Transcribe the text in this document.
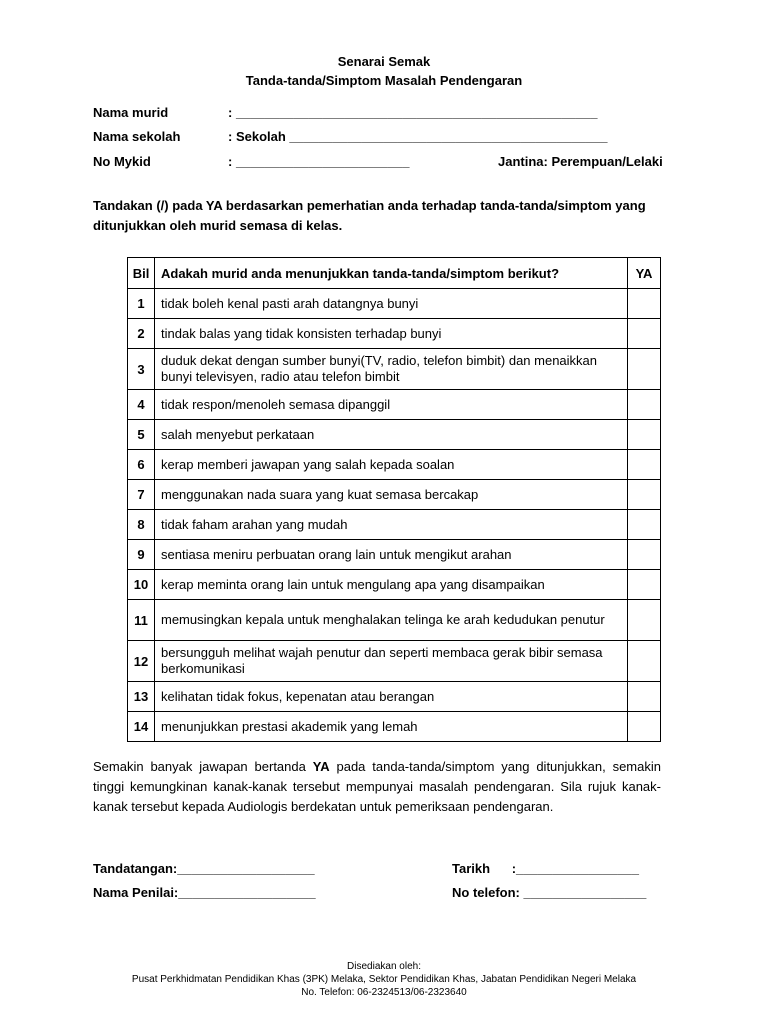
Senarai Semak
Tanda-tanda/Simptom Masalah Pendengaran
Nama murid	: __________________________________________________
Nama sekolah	: Sekolah ____________________________________________
No Mykid	: ________________________	Jantina: Perempuan/Lelaki
Tandakan (/) pada YA berdasarkan pemerhatian anda terhadap tanda-tanda/simptom yang ditunjukkan oleh murid semasa di kelas.
Bil	Adakah murid anda menunjukkan tanda-tanda/simptom berikut?	YA
1	tidak boleh kenal pasti arah datangnya bunyi	
2	tindak balas yang tidak konsisten terhadap bunyi	
3	duduk dekat dengan sumber bunyi(TV, radio, telefon bimbit) dan menaikkan bunyi televisyen, radio atau telefon bimbit	
4	tidak respon/menoleh semasa dipanggil	
5	salah menyebut perkataan	
6	kerap memberi jawapan yang salah kepada soalan	
7	menggunakan nada suara yang kuat semasa bercakap	
8	tidak faham arahan yang mudah	
9	sentiasa meniru perbuatan orang lain untuk mengikut arahan	
10	kerap meminta orang lain untuk mengulang apa yang disampaikan	
11	memusingkan kepala untuk menghalakan telinga ke arah kedudukan penutur	
12	bersungguh melihat wajah penutur dan seperti membaca gerak bibir semasa berkomunikasi	
13	kelihatan tidak fokus, kepenatan atau berangan	
14	menunjukkan prestasi akademik yang lemah	
Semakin banyak jawapan bertanda YA pada tanda-tanda/simptom yang ditunjukkan, semakin tinggi kemungkinan kanak-kanak tersebut mempunyai masalah pendengaran. Sila rujuk kanak-kanak tersebut kepada Audiologis berdekatan untuk pemeriksaan pendengaran.
Tandatangan:___________________
Nama Penilai:___________________
Tarikh      :_________________
No telefon: _________________
Disediakan oleh:
Pusat Perkhidmatan Pendidikan Khas (3PK) Melaka, Sektor Pendidikan Khas, Jabatan Pendidikan Negeri Melaka
No. Telefon: 06-2324513/06-2323640
